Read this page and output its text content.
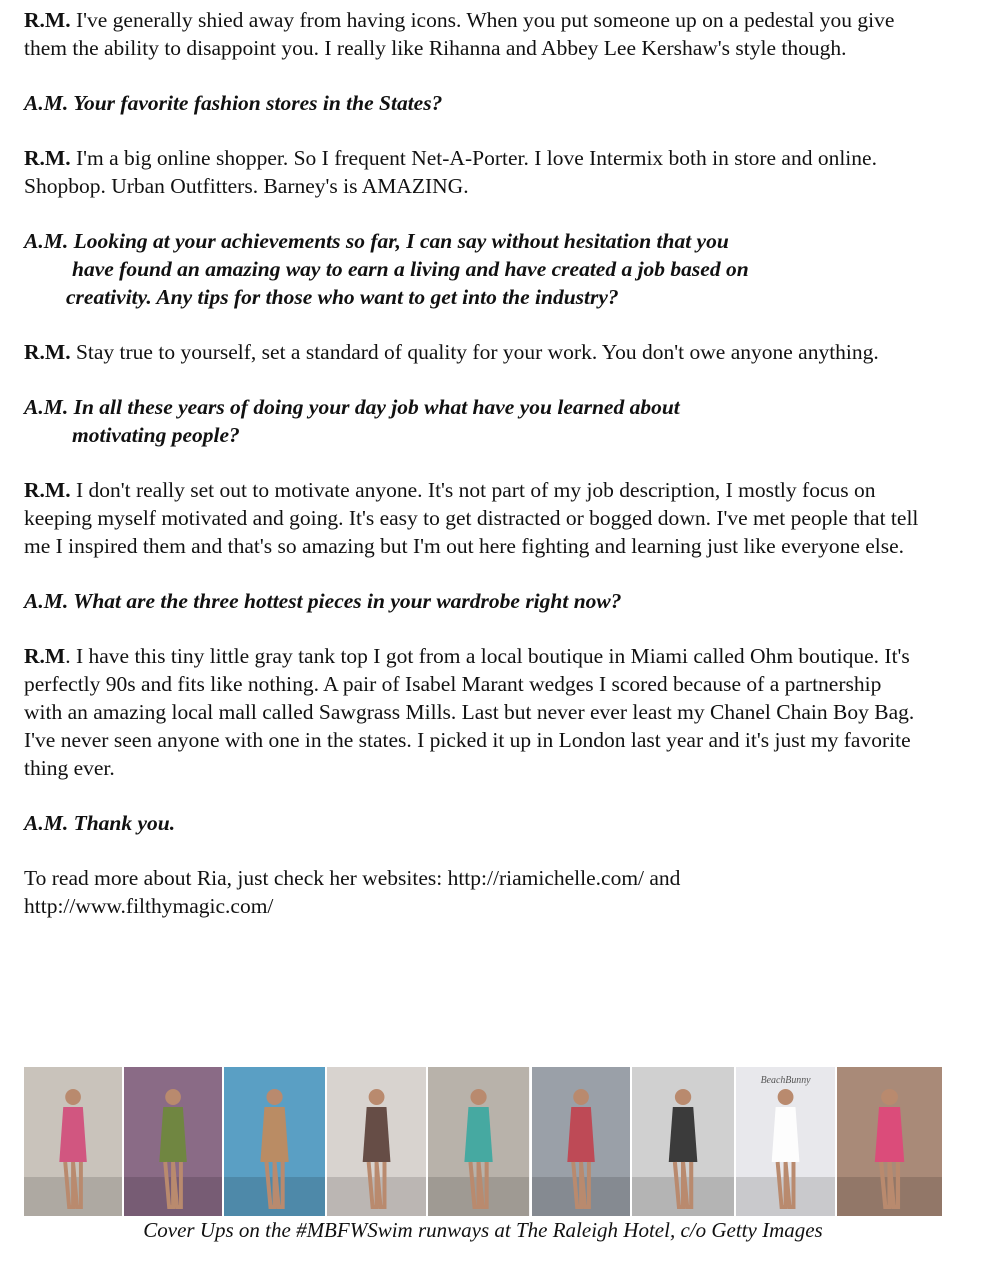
R.M. I've generally shied away from having icons. When you put someone up on a pedestal you give them the ability to disappoint you. I really like Rihanna and Abbey Lee Kershaw's style though.

A.M. Your favorite fashion stores in the States?

R.M. I'm a big online shopper. So I frequent Net-A-Porter. I love Intermix both in store and online. Shopbop. Urban Outfitters. Barney's is AMAZING.

A.M. Looking at your achievements so far, I can say without hesitation that you
have found an amazing way to earn a living and have created a job based on
creativity. Any tips for those who want to get into the industry?

R.M. Stay true to yourself, set a standard of quality for your work. You don't owe anyone anything.

A.M. In all these years of doing your day job what have you learned about
motivating people?

R.M. I don't really set out to motivate anyone. It's not part of my job description, I mostly focus on keeping myself motivated and going. It's easy to get distracted or bogged down. I've met people that tell me I inspired them and that's so amazing but I'm out here fighting and learning just like everyone else.

A.M. What are the three hottest pieces in your wardrobe right now?

R.M. I have this tiny little gray tank top I got from a local boutique in Miami called Ohm boutique. It's perfectly 90s and fits like nothing. A pair of Isabel Marant wedges I scored because of a partnership with an amazing local mall called Sawgrass Mills. Last but never ever least my Chanel Chain Boy Bag. I've never seen anyone with one in the states. I picked it up in London last year and it's just my favorite thing ever.

A.M. Thank you.

To read more about Ria, just check her websites: http://riamichelle.com/ and http://www.filthymagic.com/

BeachBunny
Cover Ups on the #MBFWSwim runways at The Raleigh Hotel, c/o Getty Images
